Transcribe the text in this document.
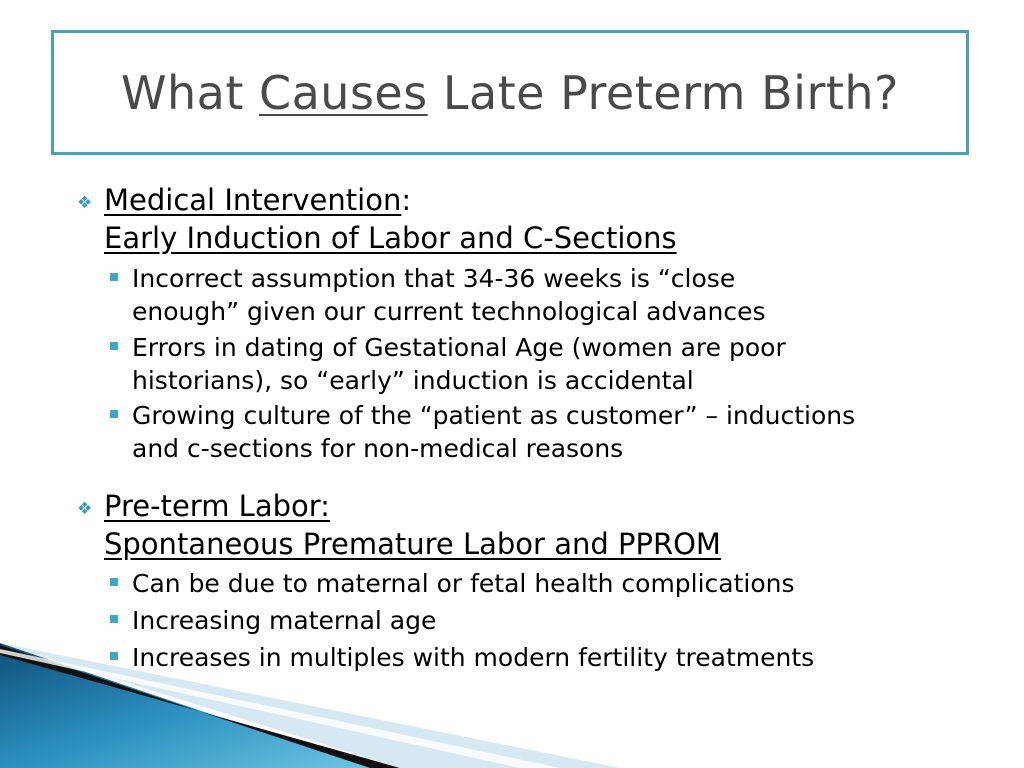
What Causes Late Preterm Birth?
❖ Medical Intervention:
Early Induction of Labor and C-Sections
Incorrect assumption that 34-36 weeks is “close
enough” given our current technological advances
Errors in dating of Gestational Age (women are poor
historians), so “early” induction is accidental
Growing culture of the “patient as customer” – inductions
and c-sections for non-medical reasons
❖ Pre-term Labor:
Spontaneous Premature Labor and PPROM
Can be due to maternal or fetal health complications
Increasing maternal age
Increases in multiples with modern fertility treatments
